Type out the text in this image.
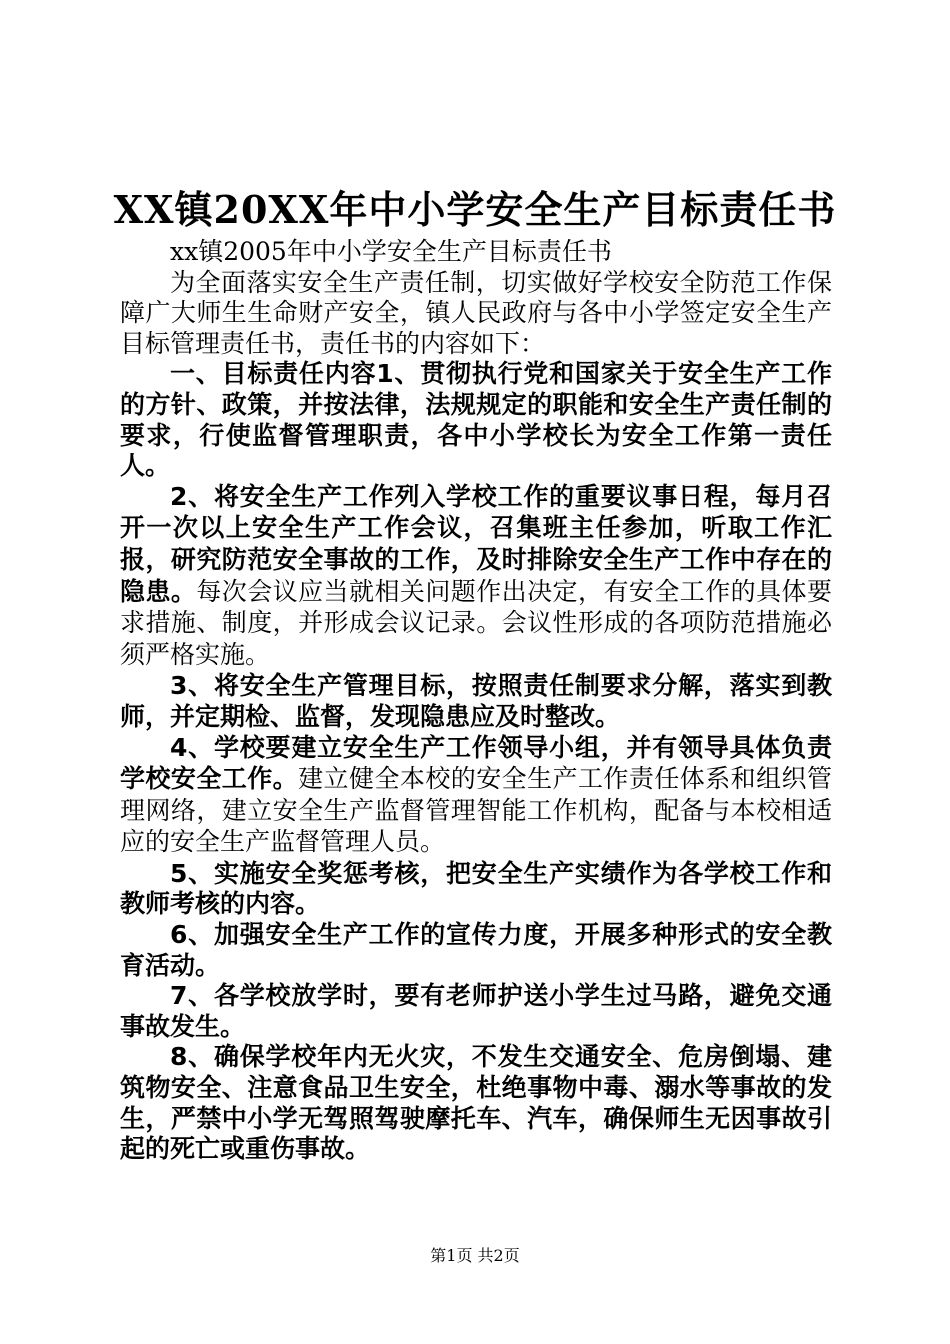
XX镇20XX年中小学安全生产目标责任书

xx镇2005年中小学安全生产目标责任书

为全面落实安全生产责任制，切实做好学校安全防范工作保障广大师生生命财产安全，镇人民政府与各中小学签定安全生产目标管理责任书，责任书的内容如下：

一、目标责任内容1、贯彻执行党和国家关于安全生产工作的方针、政策，并按法律，法规规定的职能和安全生产责任制的要求，行使监督管理职责，各中小学校长为安全工作第一责任人。

2、将安全生产工作列入学校工作的重要议事日程，每月召开一次以上安全生产工作会议，召集班主任参加，听取工作汇报，研究防范安全事故的工作，及时排除安全生产工作中存在的隐患。每次会议应当就相关问题作出决定，有安全工作的具体要求措施、制度，并形成会议记录。会议性形成的各项防范措施必须严格实施。

3、将安全生产管理目标，按照责任制要求分解，落实到教师，并定期检、监督，发现隐患应及时整改。

4、学校要建立安全生产工作领导小组，并有领导具体负责学校安全工作。建立健全本校的安全生产工作责任体系和组织管理网络，建立安全生产监督管理智能工作机构，配备与本校相适应的安全生产监督管理人员。

5、实施安全奖惩考核，把安全生产实绩作为各学校工作和教师考核的内容。

6、加强安全生产工作的宣传力度，开展多种形式的安全教育活动。

7、各学校放学时，要有老师护送小学生过马路，避免交通事故发生。

8、确保学校年内无火灾，不发生交通安全、危房倒塌、建筑物安全、注意食品卫生安全，杜绝事物中毒、溺水等事故的发生，严禁中小学无驾照驾驶摩托车、汽车，确保师生无因事故引起的死亡或重伤事故。

第1页 共2页
